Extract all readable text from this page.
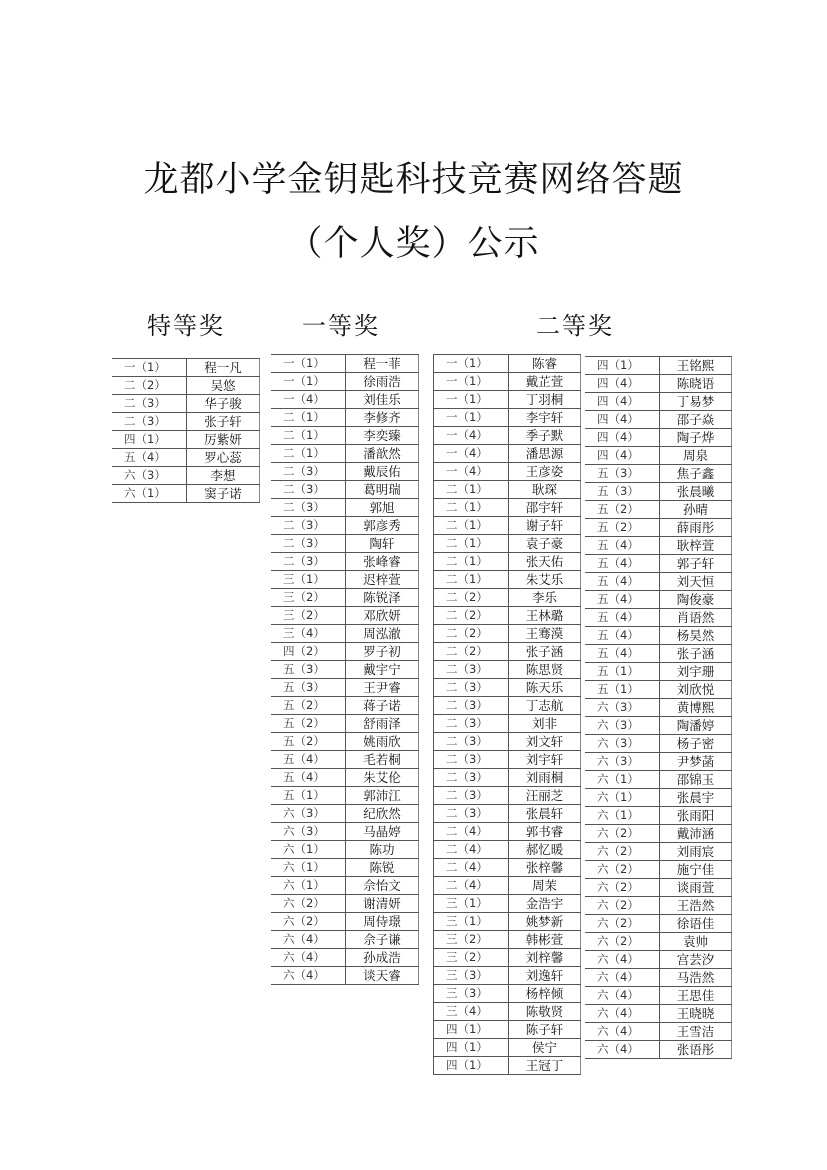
龙都小学金钥匙科技竞赛网络答题
（个人奖）公示
特等奖	一等奖	二等奖
一（1）	程一凡
二（2）	吴悠
二（3）	华子骏
二（3）	张子轩
四（1）	厉紫妍
五（4）	罗心蕊
六（3）	李想
六（1）	窦子诺
一（1）	程一菲
一（1）	徐雨浩
一（4）	刘佳乐
二（1）	李修齐
二（1）	李奕臻
二（1）	潘歆然
二（3）	戴辰佑
二（3）	葛明瑞
二（3）	郭旭
二（3）	郭彦秀
二（3）	陶轩
二（3）	张峰睿
三（1）	迟梓萱
三（2）	陈锐泽
三（2）	邓欣妍
三（4）	周泓澈
四（2）	罗子初
五（3）	戴宇宁
五（3）	王尹睿
五（2）	蒋子诺
五（2）	舒雨泽
五（2）	姚雨欣
五（4）	毛若桐
五（4）	朱艾伦
五（1）	郭沛江
六（3）	纪欣然
六（3）	马晶婷
六（1）	陈功
六（1）	陈锐
六（1）	佘怡文
六（2）	谢清妍
六（2）	周侍璟
六（4）	佘子谦
六（4）	孙成浩
六（4）	谈天睿
一（1）	陈睿
一（1）	戴芷萱
一（1）	丁羽桐
一（1）	李宇轩
一（4）	季子默
一（4）	潘思源
一（4）	王彦姿
二（1）	耿琛
二（1）	邵宇轩
二（1）	谢子轩
二（1）	袁子豪
二（1）	张天佑
二（1）	朱艾乐
二（2）	李乐
二（2）	王林璐
二（2）	王骞漠
二（2）	张子涵
二（3）	陈思贤
二（3）	陈天乐
二（3）	丁志航
二（3）	刘非
二（3）	刘文轩
二（3）	刘宇轩
二（3）	刘雨桐
二（3）	汪丽芝
二（3）	张晨轩
二（4）	郭书睿
二（4）	郝忆暖
二（4）	张梓馨
二（4）	周茉
三（1）	金浩宇
三（1）	姚梦新
三（2）	韩彬萱
三（2）	刘梓馨
三（3）	刘逸轩
三（3）	杨梓倾
三（4）	陈敬贤
四（1）	陈子轩
四（1）	侯宁
四（1）	王冠丁
四（1）	王铭熙
四（4）	陈晓语
四（4）	丁易梦
四（4）	邵子焱
四（4）	陶子烨
四（4）	周泉
五（3）	焦子鑫
五（3）	张晨曦
五（2）	孙晴
五（2）	薛雨彤
五（4）	耿梓萱
五（4）	郭子轩
五（4）	刘天恒
五（4）	陶俊豪
五（4）	肖语然
五（4）	杨昊然
五（4）	张子涵
五（1）	刘宇珊
五（1）	刘欣悦
六（3）	黄博熙
六（3）	陶潘婷
六（3）	杨子密
六（3）	尹梦菡
六（1）	邵锦玉
六（1）	张晨宇
六（1）	张雨阳
六（2）	戴沛涵
六（2）	刘雨宸
六（2）	施宁佳
六（2）	谈雨萱
六（2）	王浩然
六（2）	徐语佳
六（2）	袁帅
六（4）	宫芸汐
六（4）	马浩然
六（4）	王思佳
六（4）	王晓晓
六（4）	王雪洁
六（4）	张语彤
